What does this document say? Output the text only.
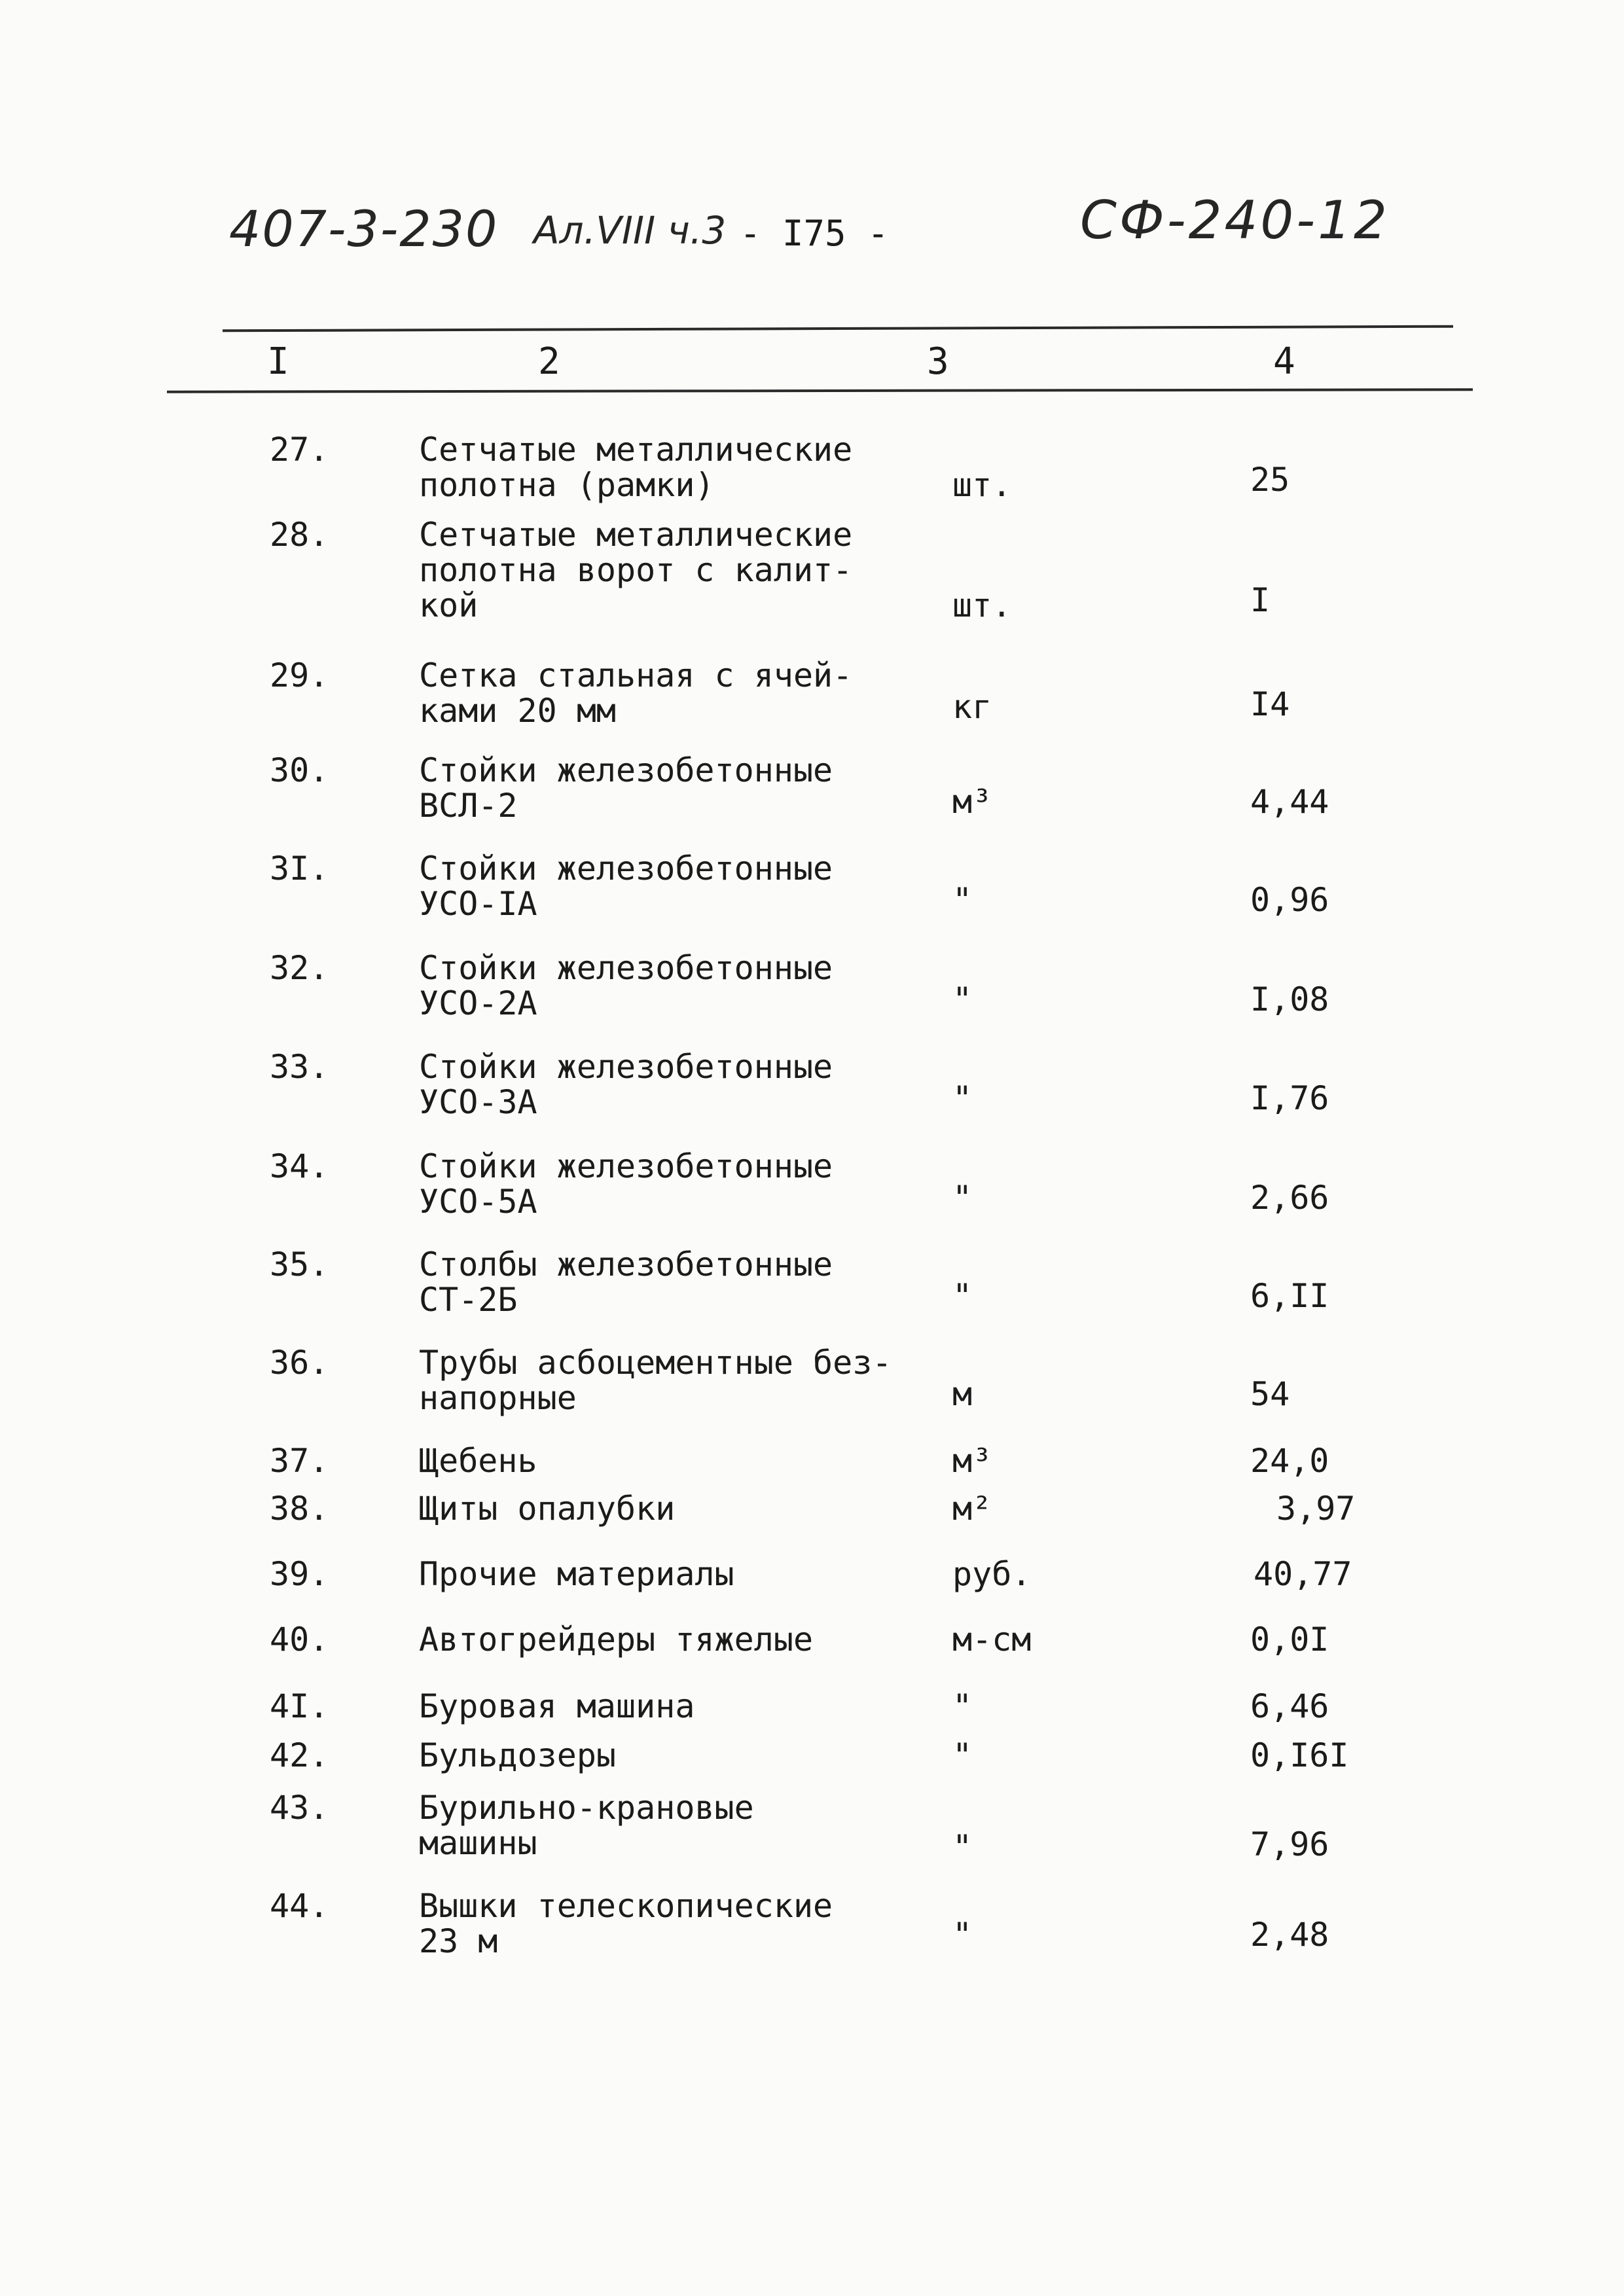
407-3-230 Ал.VIII ч.3 - I75 -	СФ-240-12
I	2	3	4
27.	Сетчатые металлические
полотна (рамки)	шт.	25
28.	Сетчатые металлические
полотна ворот с калит-
кой	шт.	I
29.	Сетка стальная с ячей-
ками 20 мм	кг	I4
30.	Стойки железобетонные
ВСЛ-2	м³	4,44
3I.	Стойки железобетонные
УСО-IА	"	0,96
32.	Стойки железобетонные
УСО-2А	"	I,08
33.	Стойки железобетонные
УСО-3А	"	I,76
34.	Стойки железобетонные
УСО-5А	"	2,66
35.	Столбы железобетонные
СТ-2Б	"	6,II
36.	Трубы асбоцементные без-
напорные	м	54
37.	Щебень	м³	24,0
38.	Щиты опалубки	м²	3,97
39.	Прочие материалы	руб.	40,77
40.	Автогрейдеры тяжелые	м-см	0,0I
4I.	Буровая машина	"	6,46
42.	Бульдозеры	"	0,I6I
43.	Бурильно-крановые
машины	"	7,96
44.	Вышки телескопические
23 м	"	2,48
